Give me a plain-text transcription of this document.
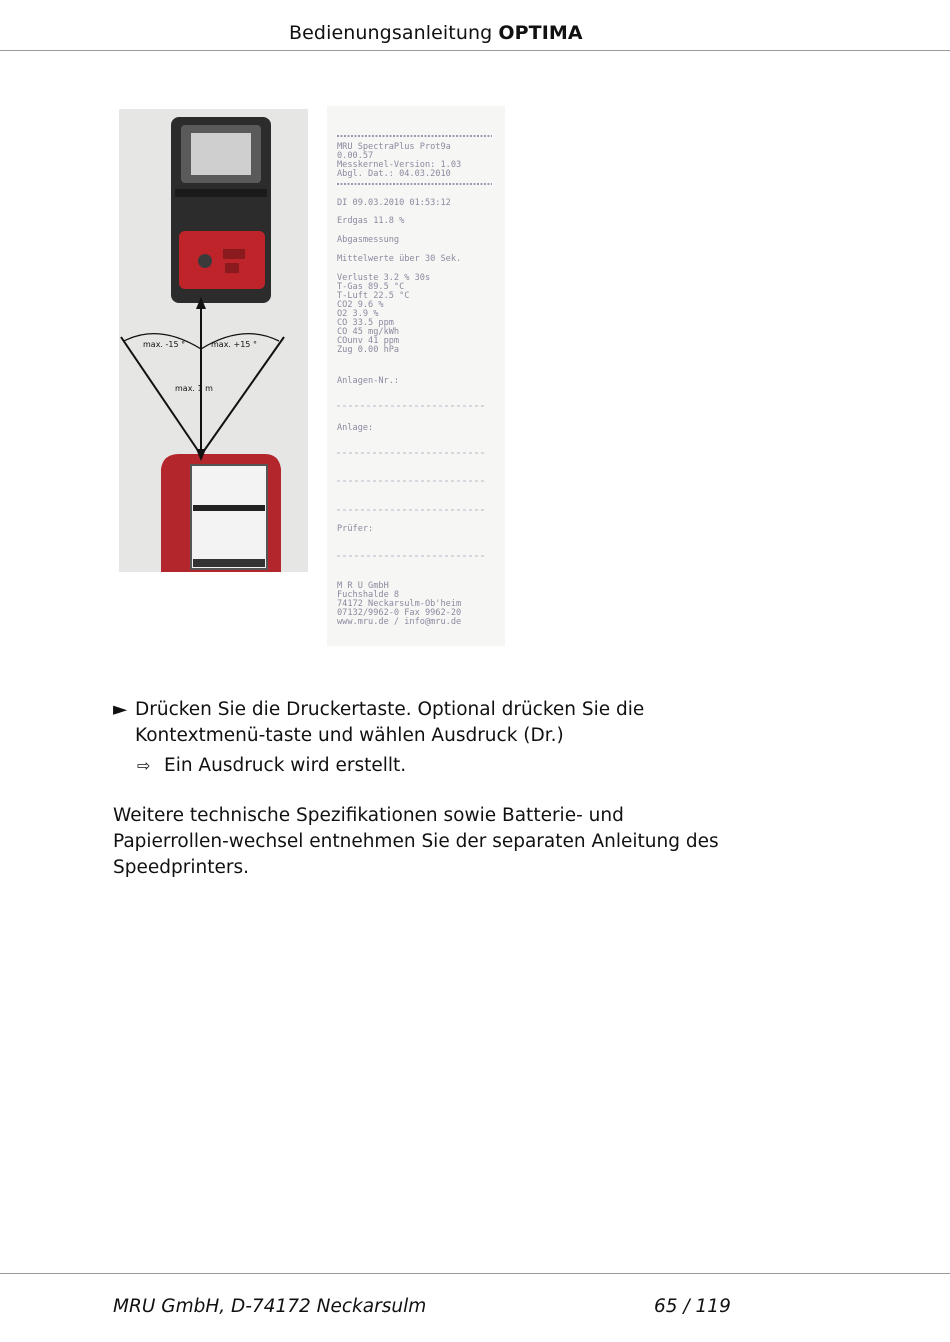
Bedienungsanleitung OPTIMA
max. -15 °	max. +15 °
max. 1 m
MRU SpectraPlus Prot9a
0.00.57
Messkernel-Version: 1.03
Abgl. Dat.: 04.03.2010
DI 09.03.2010 01:53:12
Erdgas 11.8 %
Abgasmessung
Mittelwerte über 30 Sek.
Verluste 3.2 % 30s
T-Gas 89.5 °C
T-Luft 22.5 °C
CO2 9.6 %
O2 3.9 %
CO 33.5 ppm
CO 45 mg/kWh
COunv 41 ppm
Zug 0.00 hPa
Anlagen-Nr.:
Anlage:
Prüfer:
M R U GmbH
Fuchshalde 8
74172 Neckarsulm-Ob'heim
07132/9962-0 Fax 9962-20
www.mru.de / info@mru.de
► Drücken Sie die Druckertaste. Optional drücken Sie die Kontextmenü-taste und wählen Ausdruck (Dr.)
⇨ Ein Ausdruck wird erstellt.
Weitere technische Spezifikationen sowie Batterie- und Papierrollen-wechsel entnehmen Sie der separaten Anleitung des Speedprinters.
MRU GmbH, D-74172 Neckarsulm	65 / 119
